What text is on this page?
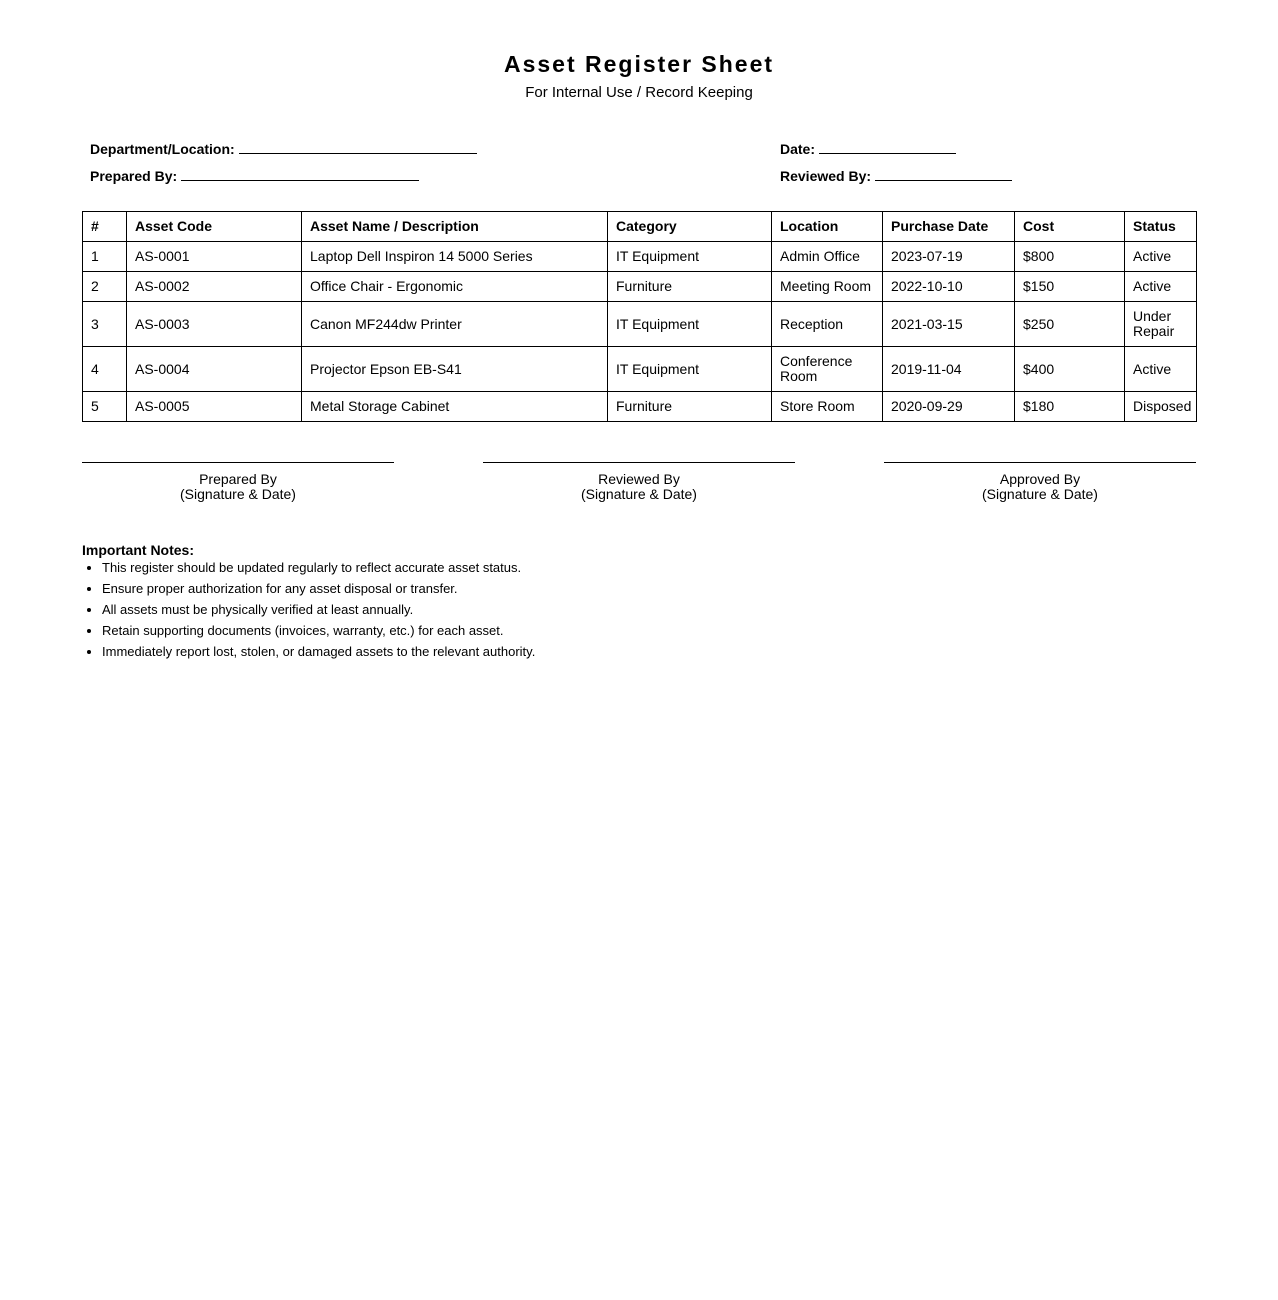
Asset Register Sheet
For Internal Use / Record Keeping
Department/Location:
Prepared By:
Date:
Reviewed By:
#	Asset Code	Asset Name / Description	Category	Location	Purchase Date	Cost	Status
1	AS-0001	Laptop Dell Inspiron 14 5000 Series	IT Equipment	Admin Office	2023-07-19	$800	Active
2	AS-0002	Office Chair - Ergonomic	Furniture	Meeting Room	2022-10-10	$150	Active
3	AS-0003	Canon MF244dw Printer	IT Equipment	Reception	2021-03-15	$250	Under Repair
4	AS-0004	Projector Epson EB-S41	IT Equipment	Conference Room	2019-11-04	$400	Active
5	AS-0005	Metal Storage Cabinet	Furniture	Store Room	2020-09-29	$180	Disposed
Prepared By
(Signature & Date)
Reviewed By
(Signature & Date)
Approved By
(Signature & Date)
Important Notes:
• This register should be updated regularly to reflect accurate asset status.
• Ensure proper authorization for any asset disposal or transfer.
• All assets must be physically verified at least annually.
• Retain supporting documents (invoices, warranty, etc.) for each asset.
• Immediately report lost, stolen, or damaged assets to the relevant authority.
